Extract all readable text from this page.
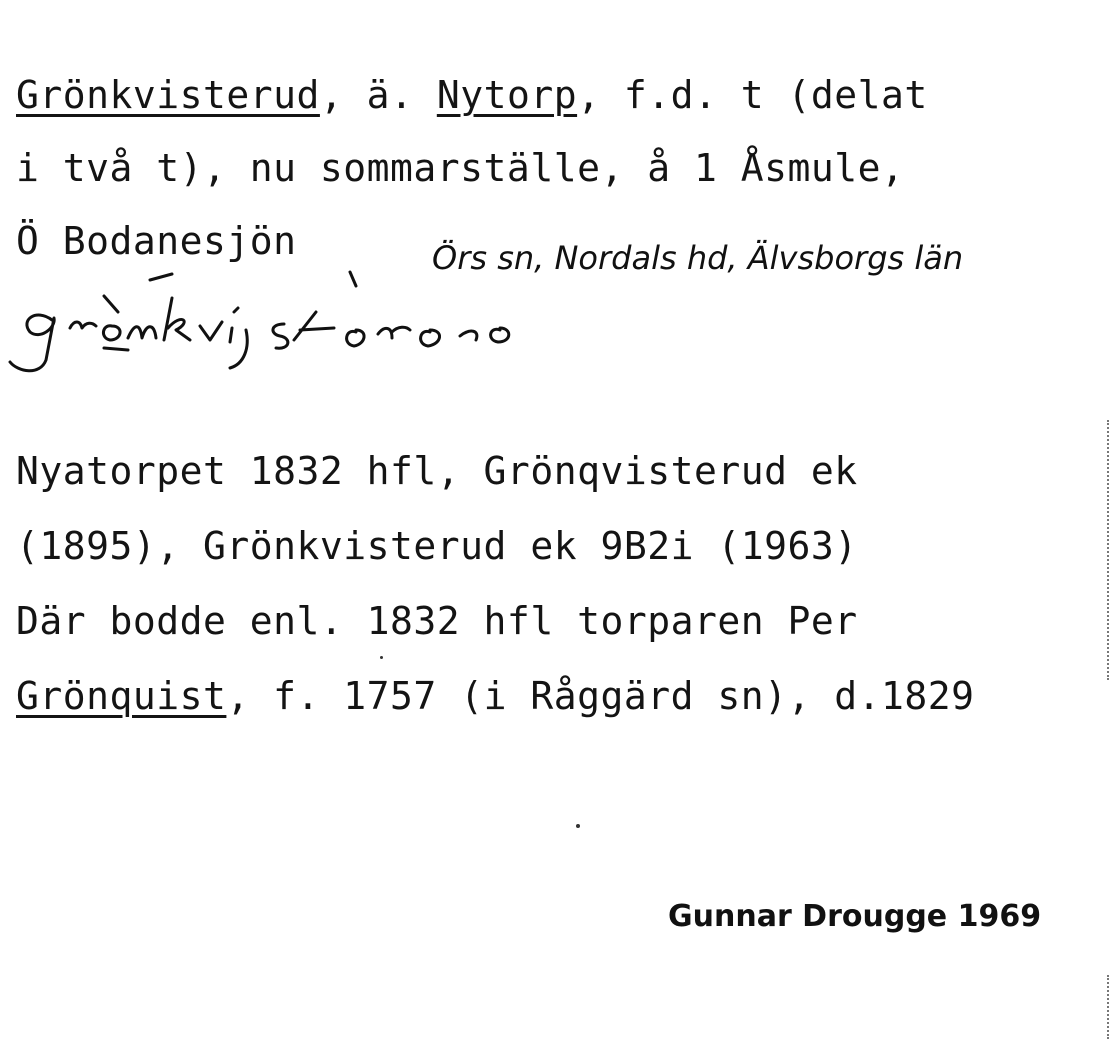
Grönkvisterud, ä. Nytorp, f.d. t (delat
i två t), nu sommarställe, å 1 Åsmule,
Ö Bodanesjön	Örs sn, Nordals hd, Älvsborgs län
Nyatorpet 1832 hfl, Grönqvisterud ek
(1895), Grönkvisterud ek 9B2i (1963)
Där bodde enl. 1832 hfl torparen Per
Grönquist, f. 1757 (i Råggärd sn), d.1829
Gunnar Drougge 1969
